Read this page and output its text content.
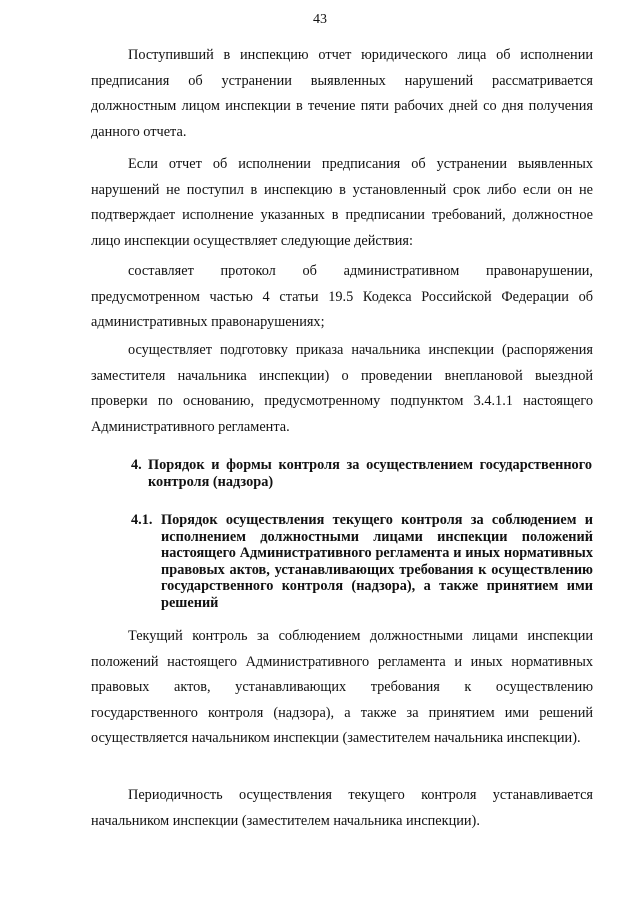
43

Поступивший в инспекцию отчет юридического лица об исполнении предписания об устранении выявленных нарушений рассматривается должностным лицом инспекции в течение пяти рабочих дней со дня получения данного отчета.

Если отчет об исполнении предписания об устранении выявленных нарушений не поступил в инспекцию в установленный срок либо если он не подтверждает исполнение указанных в предписании требований, должностное лицо инспекции осуществляет следующие действия:

составляет протокол об административном правонарушении, предусмотренном частью 4 статьи 19.5 Кодекса Российской Федерации об административных правонарушениях;

осуществляет подготовку приказа начальника инспекции (распоряжения заместителя начальника инспекции) о проведении внеплановой выездной проверки по основанию, предусмотренному подпунктом 3.4.1.1 настоящего Административного регламента.

4. Порядок и формы контроля за осуществлением государственного контроля (надзора)
4.1. Порядок осуществления текущего контроля за соблюдением и исполнением должностными лицами инспекции положений настоящего Административного регламента и иных нормативных правовых актов, устанавливающих требования к осуществлению государственного контроля (надзора), а также принятием ими решений

Текущий контроль за соблюдением должностными лицами инспекции положений настоящего Административного регламента и иных нормативных правовых актов, устанавливающих требования к осуществлению государственного контроля (надзора), а также за принятием ими решений осуществляется начальником инспекции (заместителем начальника инспекции).

Периодичность осуществления текущего контроля устанавливается начальником инспекции (заместителем начальника инспекции).
